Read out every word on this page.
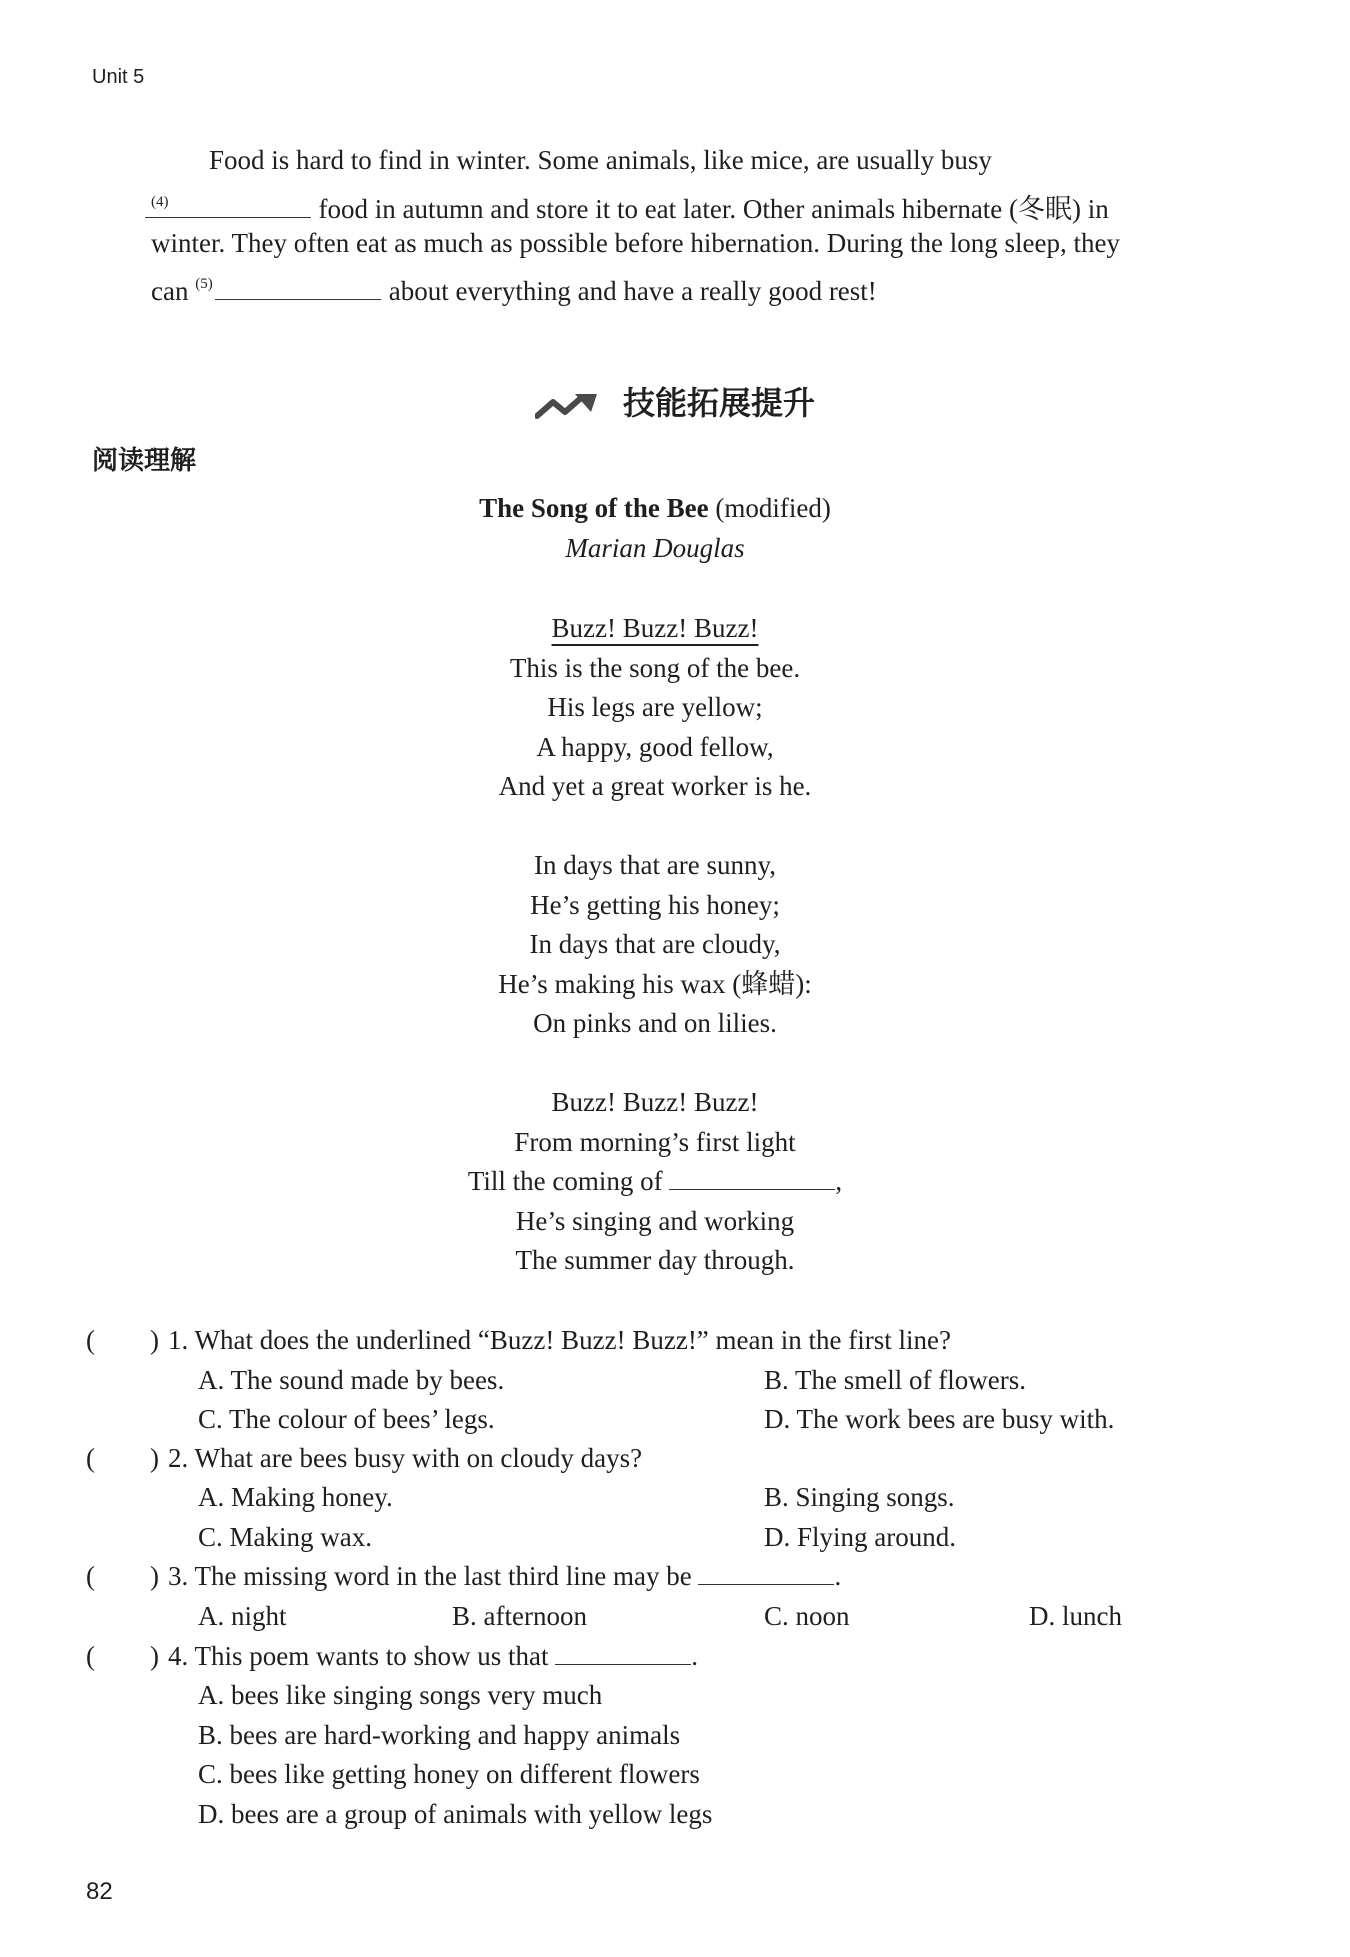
Unit 5
Food is hard to find in winter. Some animals, like mice, are usually busy
$^{(4)}$	food in autumn and store it to eat later. Other animals hibernate (冬眠) in
winter. They often eat as much as possible before hibernation. During the long sleep, they
can $^{(5)}$	about everything and have a really good rest!
技能拓展提升
阅读理解
The Song of the Bee (modified)
Marian Douglas
Buzz! Buzz! Buzz!
This is the song of the bee.
His legs are yellow;
A happy, good fellow,
And yet a great worker is he.
In days that are sunny,
He’s getting his honey;
In days that are cloudy,
He’s making his wax (蜂蜡):
On pinks and on lilies.
Buzz! Buzz! Buzz!
From morning’s first light
Till the coming of	,
He’s singing and working
The summer day through.
( ) 1. What does the underlined “Buzz! Buzz! Buzz!” mean in the first line?
A. The sound made by bees.	B. The smell of flowers.
C. The colour of bees’ legs.	D. The work bees are busy with.
( ) 2. What are bees busy with on cloudy days?
A. Making honey.	B. Singing songs.
C. Making wax.	D. Flying around.
( ) 3. The missing word in the last third line may be	.
A. night	B. afternoon	C. noon	D. lunch
( ) 4. This poem wants to show us that	.
A. bees like singing songs very much
B. bees are hard-working and happy animals
C. bees like getting honey on different flowers
D. bees are a group of animals with yellow legs
82
